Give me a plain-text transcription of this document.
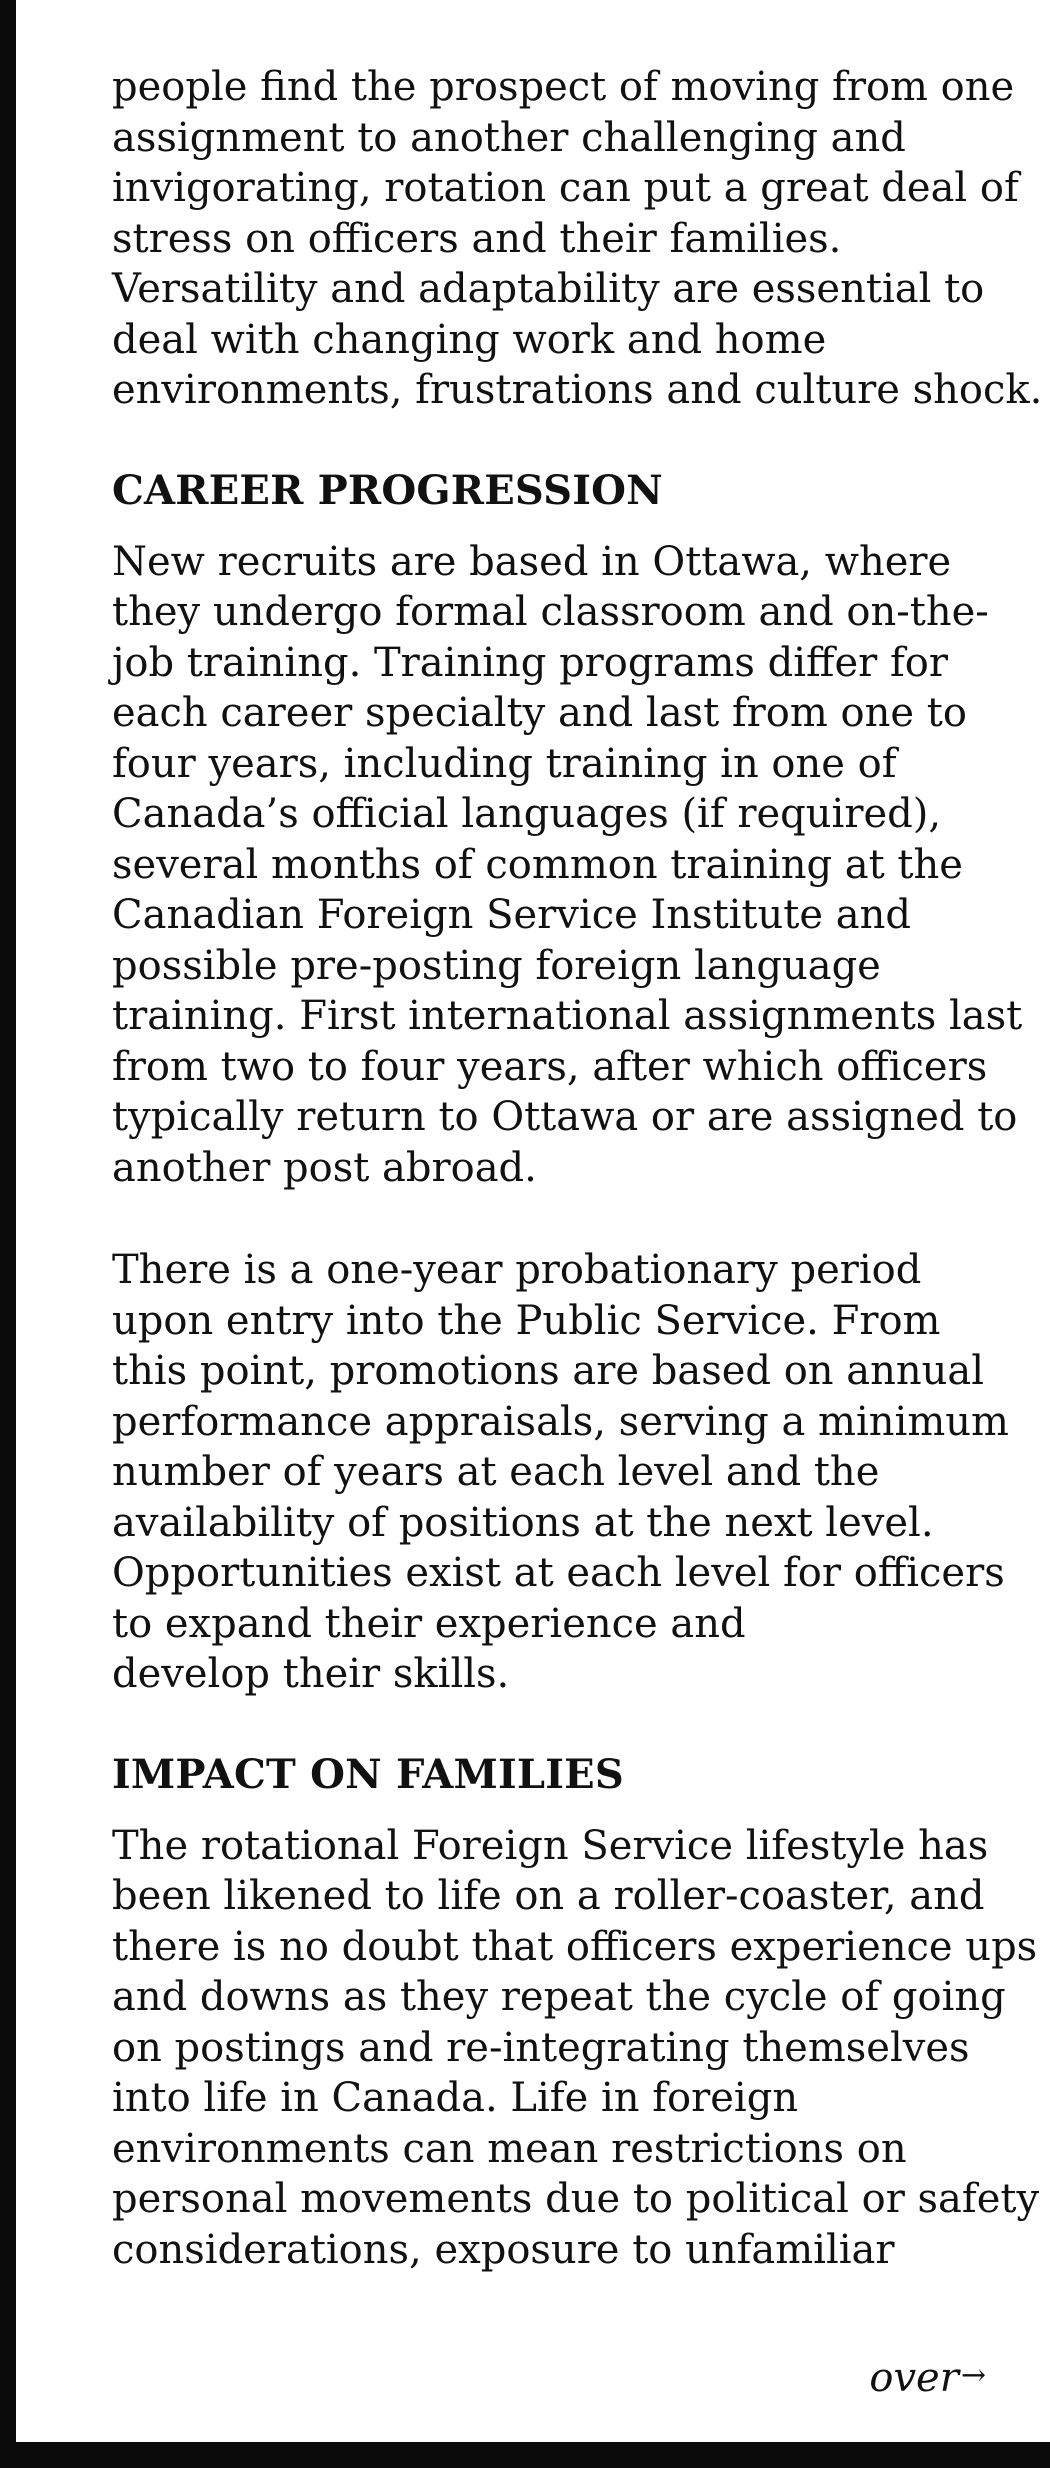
people find the prospect of moving from one
assignment to another challenging and
invigorating, rotation can put a great deal of
stress on officers and their families.
Versatility and adaptability are essential to
deal with changing work and home
environments, frustrations and culture shock.

CAREER PROGRESSION

New recruits are based in Ottawa, where
they undergo formal classroom and on-the-
job training. Training programs differ for
each career specialty and last from one to
four years, including training in one of
Canada’s official languages (if required),
several months of common training at the
Canadian Foreign Service Institute and
possible pre-posting foreign language
training. First international assignments last
from two to four years, after which officers
typically return to Ottawa or are assigned to
another post abroad.

There is a one-year probationary period
upon entry into the Public Service. From
this point, promotions are based on annual
performance appraisals, serving a minimum
number of years at each level and the
availability of positions at the next level.
Opportunities exist at each level for officers
to expand their experience and
develop their skills.

IMPACT ON FAMILIES

The rotational Foreign Service lifestyle has
been likened to life on a roller-coaster, and
there is no doubt that officers experience ups
and downs as they repeat the cycle of going
on postings and re-integrating themselves
into life in Canada. Life in foreign
environments can mean restrictions on
personal movements due to political or safety
considerations, exposure to unfamiliar

over→
